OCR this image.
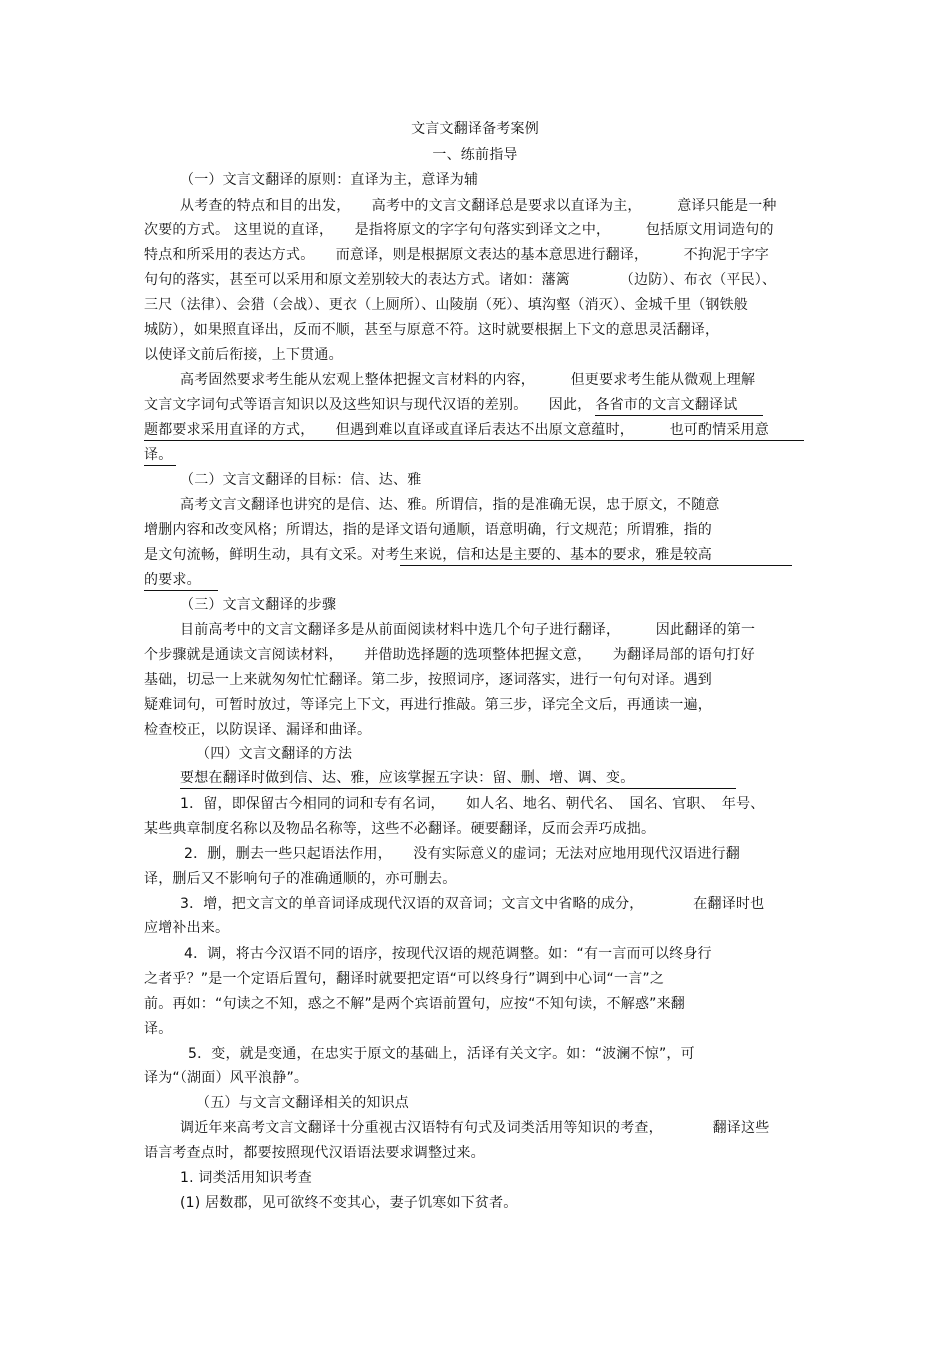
文言文翻译备考案例
一、练前指导
（一）文言文翻译的原则：直译为主，意译为辅
从考查的特点和目的出发，　　高考中的文言文翻译总是要求以直译为主，　　　意译只能是一种
次要的方式。 这里说的直译，　　是指将原文的字字句句落实到译文之中，　　　包括原文用词造句的
特点和所采用的表达方式。　　而意译，则是根据原文表达的基本意思进行翻译，　　　不拘泥于字字
句句的落实，甚至可以采用和原文差别较大的表达方式。诸如：藩篱　　　　（边防）、布衣（平民）、
三尺（法律）、会猎（会战）、更衣（上厕所）、山陵崩（死）、填沟壑（消灭）、金城千里（钢铁般
城防），如果照直译出，反而不顺，甚至与原意不符。这时就要根据上下文的意思灵活翻译，
以使译文前后衔接，上下贯通。
高考固然要求考生能从宏观上整体把握文言材料的内容，　　　但更要求考生能从微观上理解
文言文字词句式等语言知识以及这些知识与现代汉语的差别。　　因此， 各省市的文言文翻译试
题都要求采用直译的方式，　　但遇到难以直译或直译后表达不出原文意蕴时，　　　也可酌情采用意
译。
（二）文言文翻译的目标：信、达、雅
高考文言文翻译也讲究的是信、达、雅。所谓信，指的是准确无误，忠于原文，不随意
增删内容和改变风格；所谓达，指的是译文语句通顺，语意明确，行文规范；所谓雅，指的
是文句流畅，鲜明生动，具有文采。对考生来说，信和达是主要的、基本的要求，雅是较高
的要求。
（三）文言文翻译的步骤
目前高考中的文言文翻译多是从前面阅读材料中选几个句子进行翻译，　　　因此翻译的第一
个步骤就是通读文言阅读材料，　　并借助选择题的选项整体把握文意，　　为翻译局部的语句打好
基础，切忌一上来就匆匆忙忙翻译。第二步，按照词序，逐词落实，进行一句句对译。遇到
疑难词句，可暂时放过，等译完上下文，再进行推敲。第三步，译完全文后，再通读一遍，
检查校正，以防误译、漏译和曲译。
（四）文言文翻译的方法
要想在翻译时做到信、达、雅，应该掌握五字诀：留、删、增、调、变。
1．留，即保留古今相同的词和专有名词，　　如人名、地名、朝代名、　国名、官职、　年号、
某些典章制度名称以及物品名称等，这些不必翻译。硬要翻译，反而会弄巧成拙。
2．删，删去一些只起语法作用，　　没有实际意义的虚词；无法对应地用现代汉语进行翻
译，删后又不影响句子的准确通顺的，亦可删去。
3．增，把文言文的单音词译成现代汉语的双音词；文言文中省略的成分，　　　　在翻译时也
应增补出来。
4．调，将古今汉语不同的语序，按现代汉语的规范调整。如：“有一言而可以终身行
之者乎？”是一个定语后置句，翻译时就要把定语“可以终身行”调到中心词“一言”之
前。再如：“句读之不知，惑之不解”是两个宾语前置句，应按“不知句读，不解惑”来翻
译。
5．变，就是变通，在忠实于原文的基础上，活译有关文字。如：“波澜不惊”，可
译为“（湖面）风平浪静”。
（五）与文言文翻译相关的知识点
调近年来高考文言文翻译十分重视古汉语特有句式及词类活用等知识的考查，　　　　翻译这些
语言考查点时，都要按照现代汉语语法要求调整过来。
1. 词类活用知识考查
(1) 居数郡，见可欲终不变其心，妻子饥寒如下贫者。
